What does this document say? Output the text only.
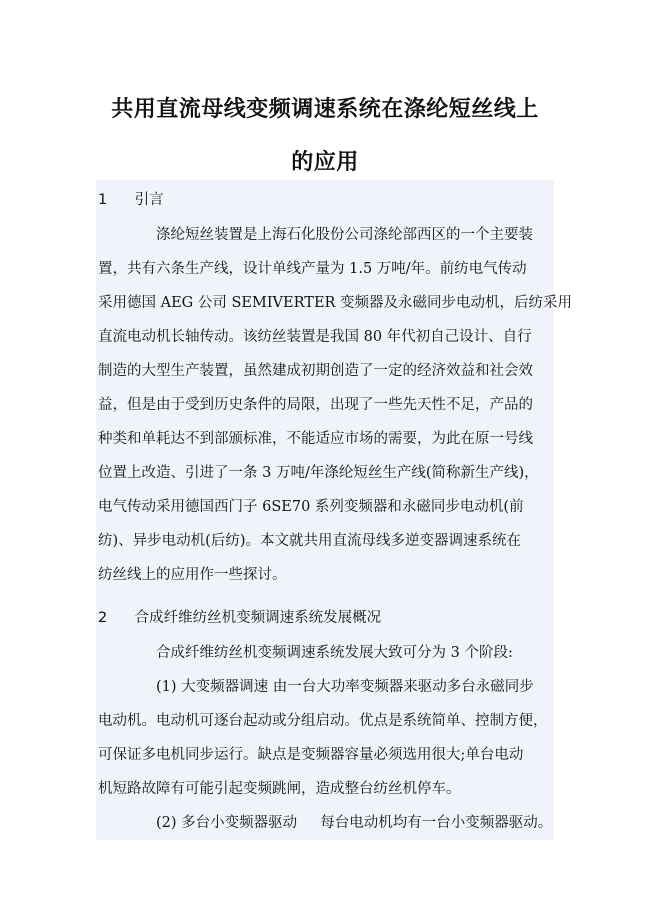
共用直流母线变频调速系统在涤纶短丝线上
的应用
1 引言
涤纶短丝装置是上海石化股份公司涤纶部西区的一个主要装
置，共有六条生产线，设计单线产量为 1.5 万吨/年。前纺电气传动
采用德国 AEG 公司 SEMIVERTER 变频器及永磁同步电动机，后纺采用
直流电动机长轴传动。该纺丝装置是我国 80 年代初自己设计、自行
制造的大型生产装置，虽然建成初期创造了一定的经济效益和社会效
益，但是由于受到历史条件的局限，出现了一些先天性不足，产品的
种类和单耗达不到部颁标准，不能适应市场的需要，为此在原一号线
位置上改造、引进了一条 3 万吨/年涤纶短丝生产线(简称新生产线)，
电气传动采用德国西门子 6SE70 系列变频器和永磁同步电动机(前
纺)、异步电动机(后纺)。本文就共用直流母线多逆变器调速系统在
纺丝线上的应用作一些探讨。
2 合成纤维纺丝机变频调速系统发展概况
合成纤维纺丝机变频调速系统发展大致可分为 3 个阶段:
(1) 大变频器调速 由一台大功率变频器来驱动多台永磁同步
电动机。电动机可逐台起动或分组启动。优点是系统简单、控制方便，
可保证多电机同步运行。缺点是变频器容量必须选用很大;单台电动
机短路故障有可能引起变频跳闸，造成整台纺丝机停车。
(2) 多台小变频器驱动     每台电动机均有一台小变频器驱动。
